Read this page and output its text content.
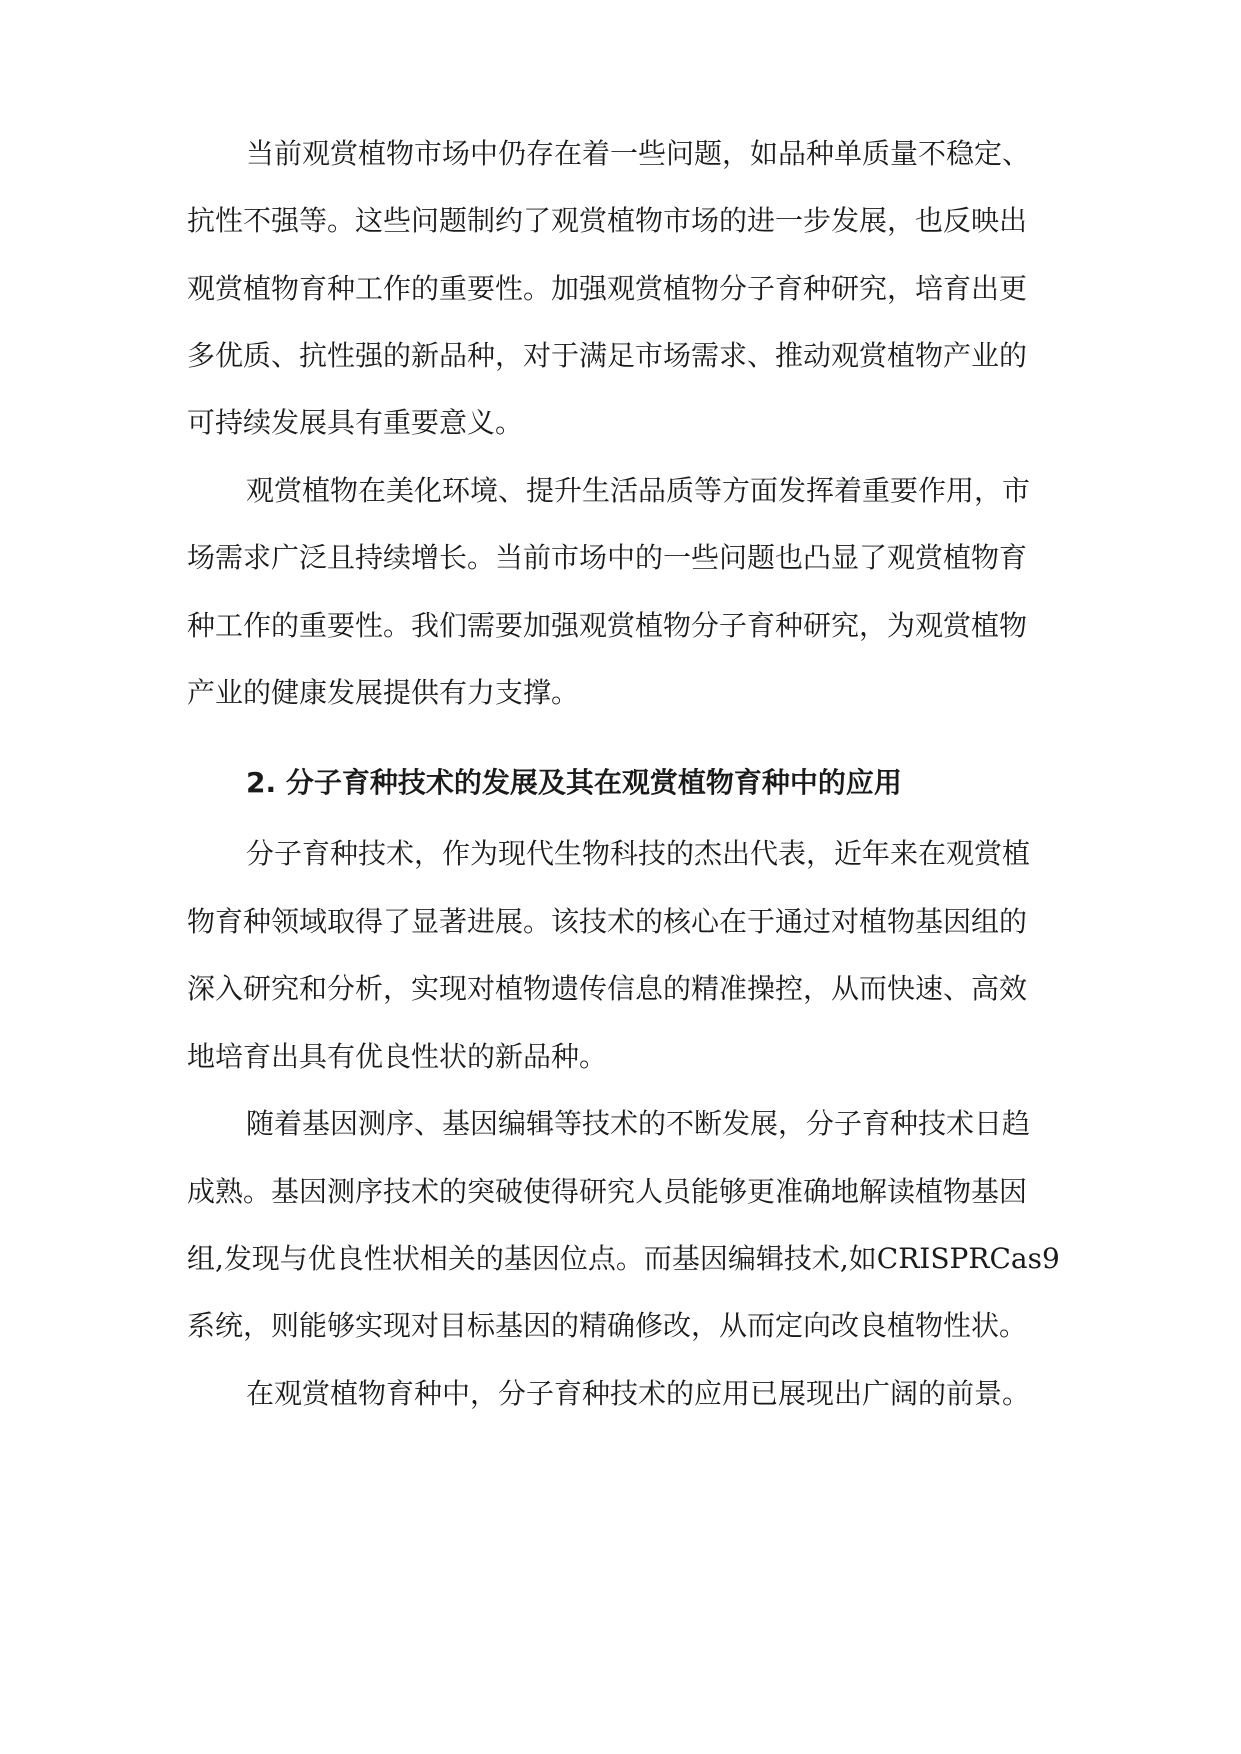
当前观赏植物市场中仍存在着一些问题，如品种单质量不稳定、
抗性不强等。这些问题制约了观赏植物市场的进一步发展，也反映出
观赏植物育种工作的重要性。加强观赏植物分子育种研究，培育出更
多优质、抗性强的新品种，对于满足市场需求、推动观赏植物产业的
可持续发展具有重要意义。
观赏植物在美化环境、提升生活品质等方面发挥着重要作用，市
场需求广泛且持续增长。当前市场中的一些问题也凸显了观赏植物育
种工作的重要性。我们需要加强观赏植物分子育种研究，为观赏植物
产业的健康发展提供有力支撑。
2. 分子育种技术的发展及其在观赏植物育种中的应用
分子育种技术，作为现代生物科技的杰出代表，近年来在观赏植
物育种领域取得了显著进展。该技术的核心在于通过对植物基因组的
深入研究和分析，实现对植物遗传信息的精准操控，从而快速、高效
地培育出具有优良性状的新品种。
随着基因测序、基因编辑等技术的不断发展，分子育种技术日趋
成熟。基因测序技术的突破使得研究人员能够更准确地解读植物基因
组,发现与优良性状相关的基因位点。而基因编辑技术,如CRISPRCas9
系统，则能够实现对目标基因的精确修改，从而定向改良植物性状。
在观赏植物育种中，分子育种技术的应用已展现出广阔的前景。
